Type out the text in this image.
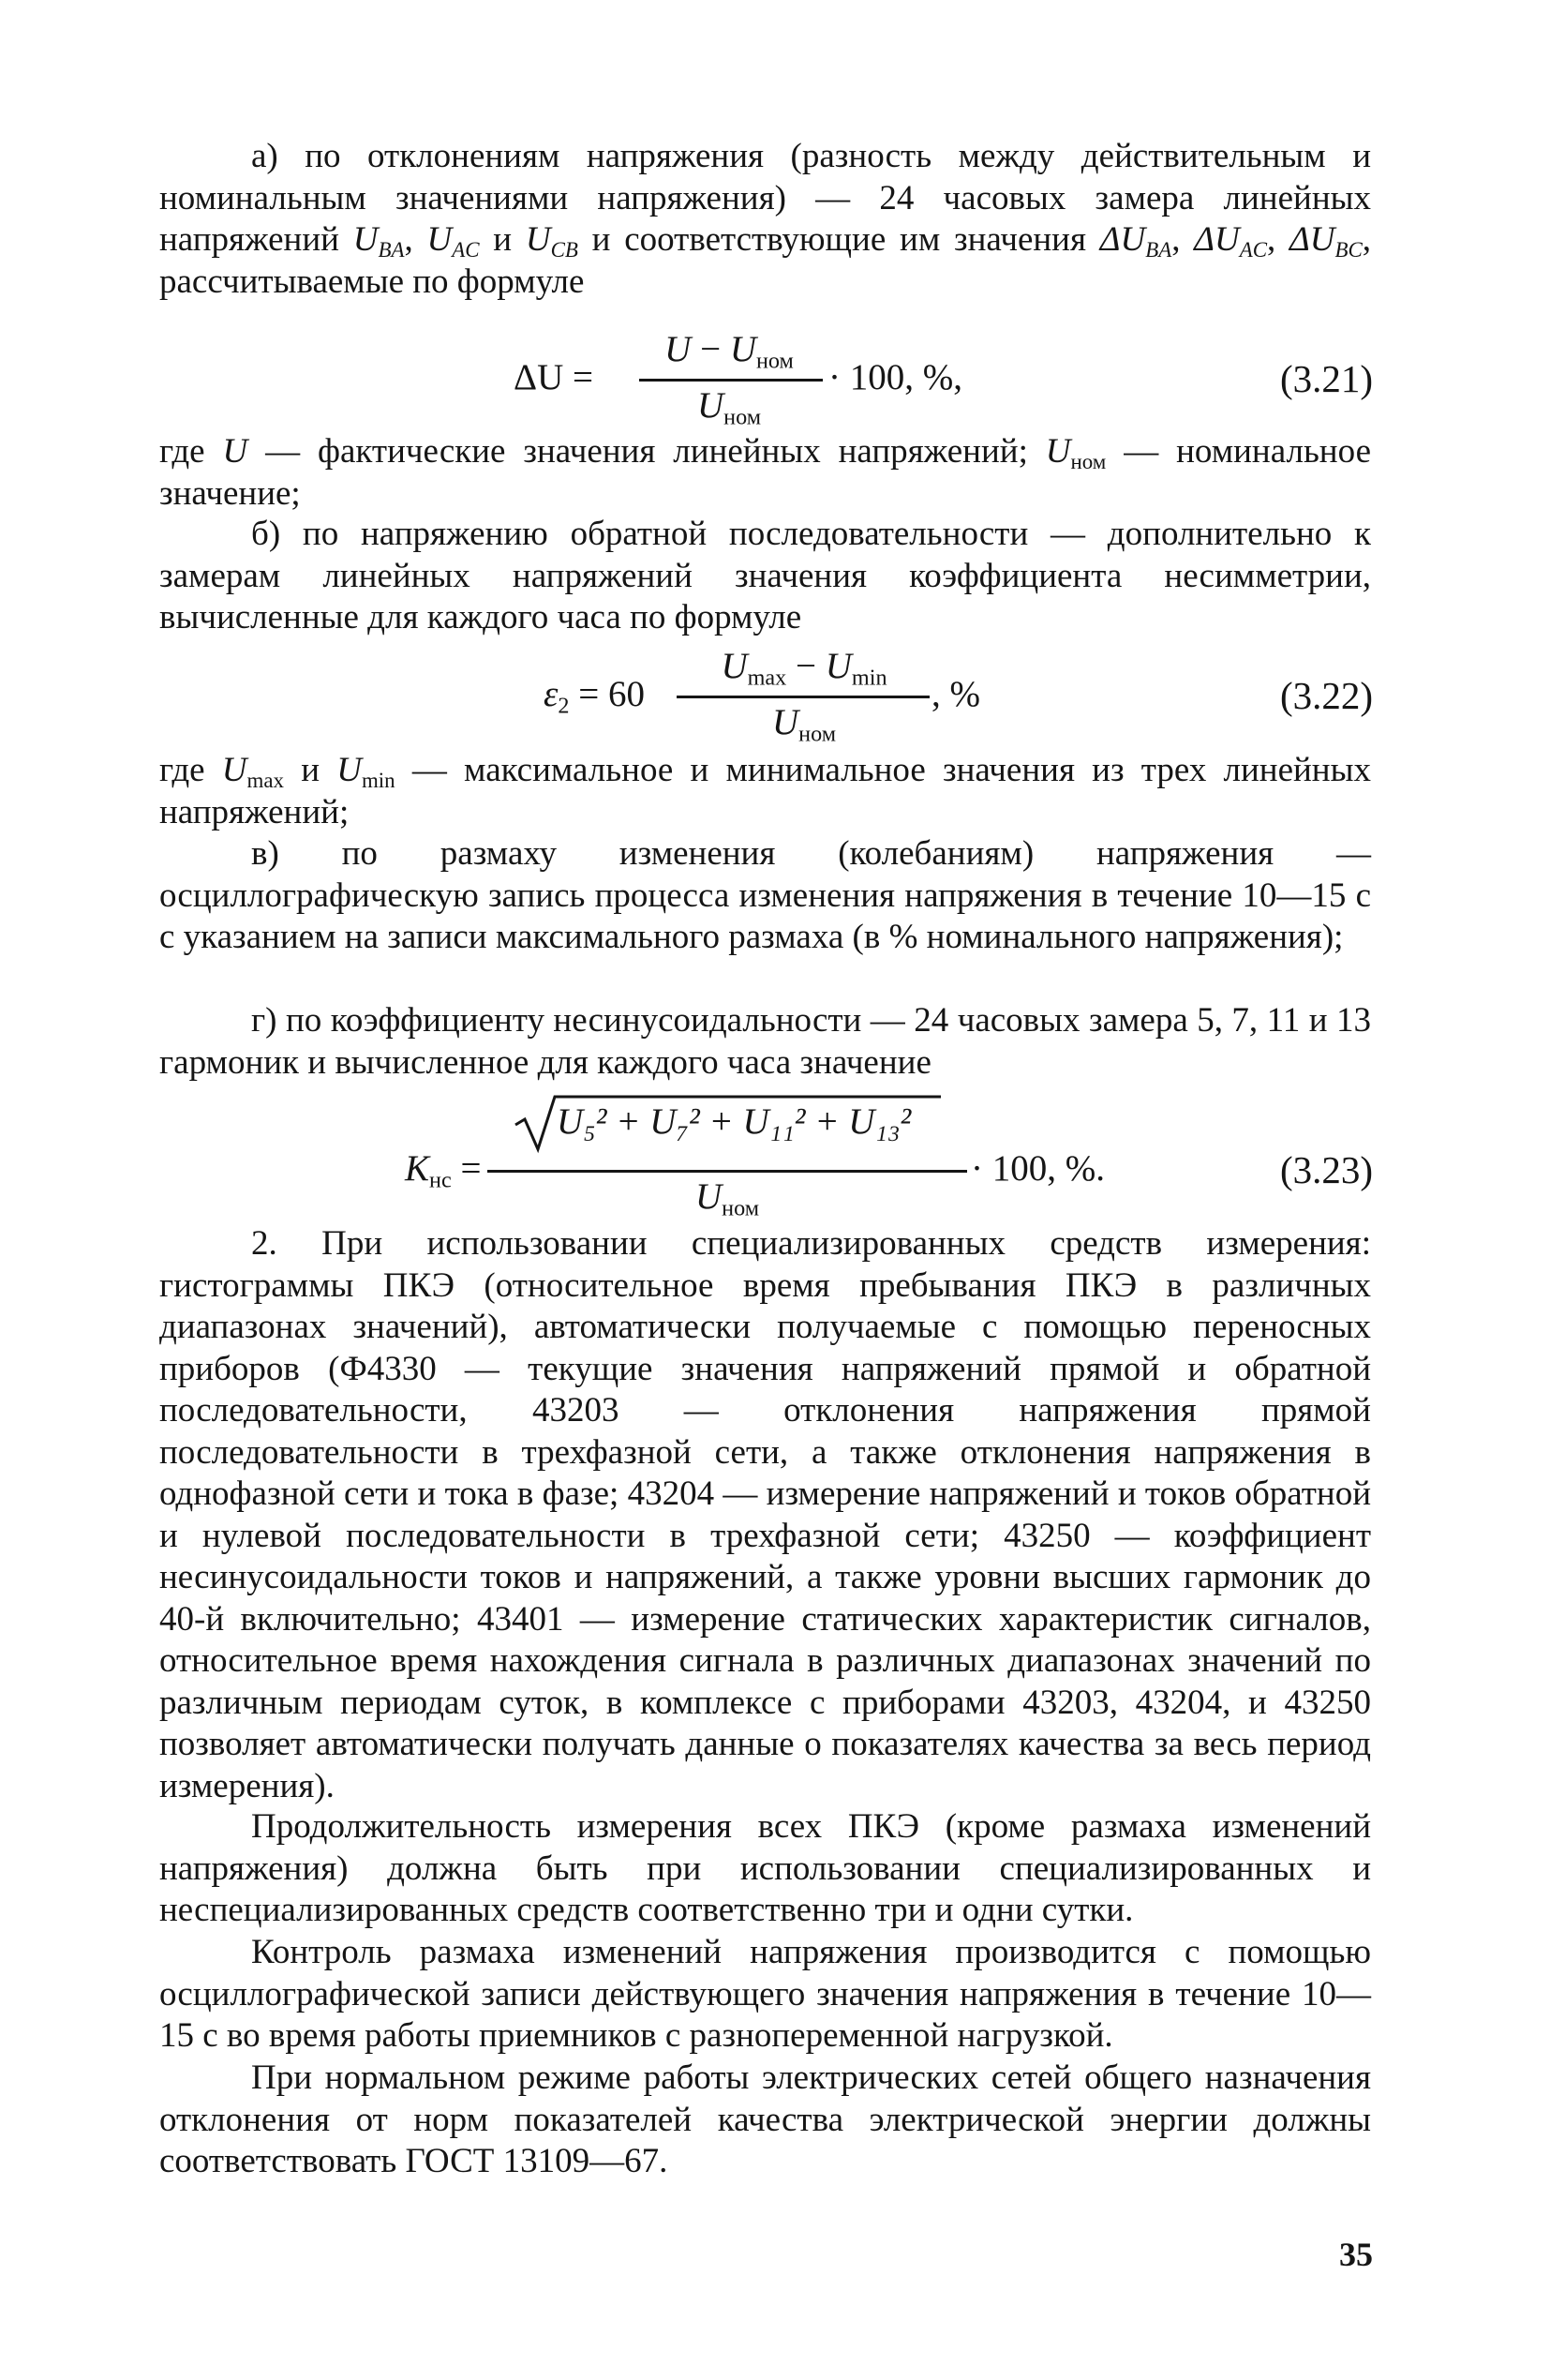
а) по отклонениям напряжения (разность между действительным и номинальным значениями напряжения) — 24 часовых замера линейных напряжений $U_{BA}$, $U_{AC}$ и $U_{CB}$ и соответствующие им значения $\Delta U_{BA}$, $\Delta U_{AC}$, $\Delta U_{BC}$, рассчитываемые по формуле

ΔU =
$U - U_{ном}$
$U_{ном}$
· 100, %,	(3.21)

где U — фактические значения линейных напряжений; $U_{ном}$ — номинальное значение;

б) по напряжению обратной последовательности — дополнительно к замерам линейных напряжений значения коэффициента несимметрии, вычисленные для каждого часа по формуле

$\varepsilon_2 = 60$
$U_{max} - U_{min}$
$U_{ном}$
, %	(3.22)

где $U_{max}$ и $U_{min}$ — максимальное и минимальное значения из трех линейных напряжений;

в) по размаху изменения (колебаниям) напряжения — осциллографическую запись процесса изменения напряжения в течение 10—15 с с указанием на записи максимального размаха (в % номинального напряжения);

г) по коэффициенту несинусоидальности — 24 часовых замера 5, 7, 11 и 13 гармоник и вычисленное для каждого часа значение

$K_{нс}$ =
U₅² + U₇² + U₁₁² + U₁₃²
$U_{ном}$
· 100, %.	(3.23)

2. При использовании специализированных средств измерения: гистограммы ПКЭ (относительное время пребывания ПКЭ в различных диапазонах значений), автоматически получаемые с помощью переносных приборов (Ф4330 — текущие значения напряжений прямой и обратной последовательности, 43203 — отклонения напряжения прямой последовательности в трехфазной сети, а также отклонения напряжения в однофазной сети и тока в фазе; 43204 — измерение напряжений и токов обратной и нулевой последовательности в трехфазной сети; 43250 — коэффициент несинусоидальности токов и напряжений, а также уровни высших гармоник до 40-й включительно; 43401 — измерение статических характеристик сигналов, относительное время нахождения сигнала в различных диапазонах значений по различным периодам суток, в комплексе с приборами 43203, 43204, и 43250 позволяет автоматически получать данные о показателях качества за весь период измерения).

Продолжительность измерения всех ПКЭ (кроме размаха изменений напряжения) должна быть при использовании специализированных и неспециализированных средств соответственно три и одни сутки.

Контроль размаха изменений напряжения производится с помощью осциллографической записи действующего значения напряжения в течение 10—15 с во время работы приемников с разнопеременной нагрузкой.

При нормальном режиме работы электрических сетей общего назначения отклонения от норм показателей качества электрической энергии должны соответствовать ГОСТ 13109—67.

35
